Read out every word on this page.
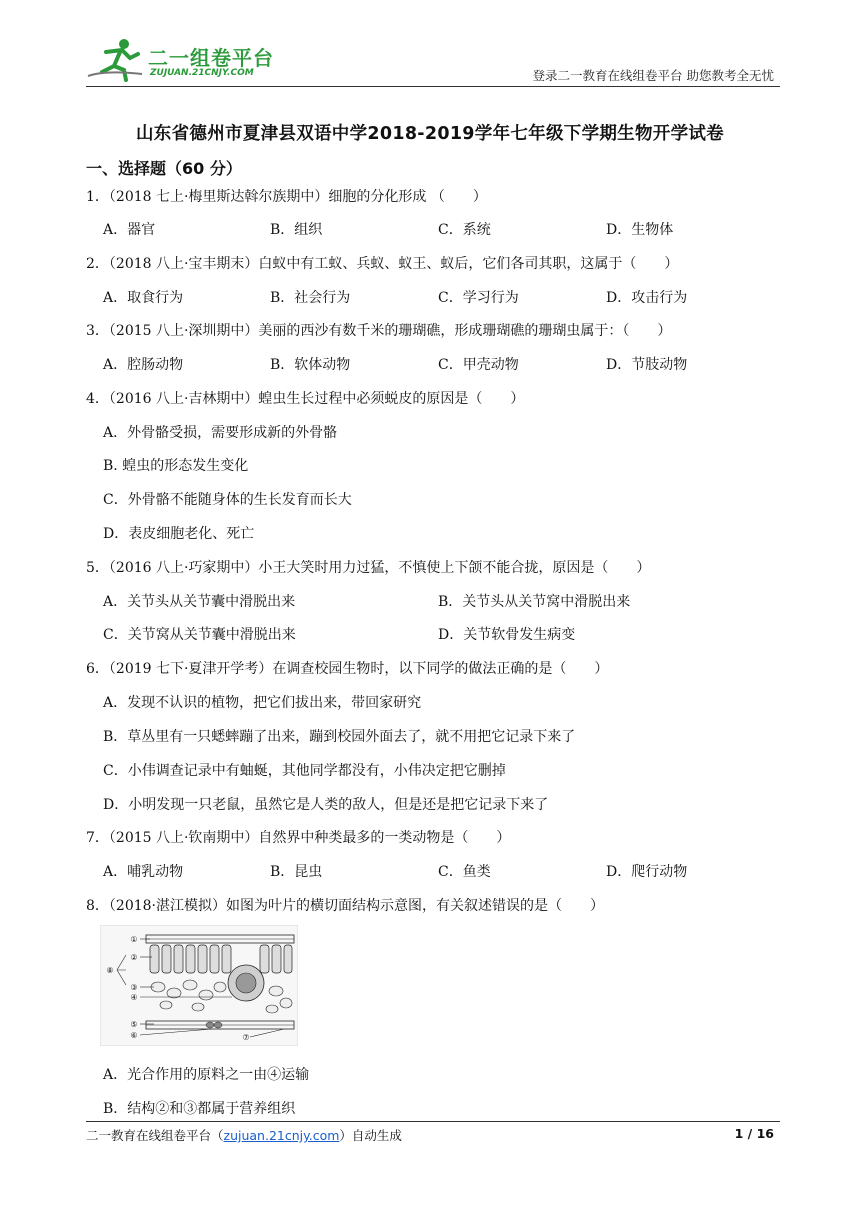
二一组卷平台
ZUJUAN.21CNJY.COM	登录二一教育在线组卷平台 助您教考全无忧
山东省德州市夏津县双语中学2018-2019学年七年级下学期生物开学试卷
一、选择题（60 分）
1．（2018 七上·梅里斯达斡尔族期中）细胞的分化形成 （　　）
A．器官	B．组织	C．系统	D．生物体
2．（2018 八上·宝丰期末）白蚁中有工蚁、兵蚁、蚁王、蚁后，它们各司其职，这属于（　　）
A．取食行为	B．社会行为	C．学习行为	D．攻击行为
3．（2015 八上·深圳期中）美丽的西沙有数千米的珊瑚礁，形成珊瑚礁的珊瑚虫属于：（　　）
A．腔肠动物	B．软体动物	C．甲壳动物	D．节肢动物
4．（2016 八上·吉林期中）蝗虫生长过程中必须蜕皮的原因是（　　）
A．外骨骼受损，需要形成新的外骨骼
B. 蝗虫的形态发生变化
C．外骨骼不能随身体的生长发育而长大
D．表皮细胞老化、死亡
5．（2016 八上·巧家期中）小王大笑时用力过猛，不慎使上下颌不能合拢，原因是（　　）
A．关节头从关节囊中滑脱出来	B．关节头从关节窝中滑脱出来
C．关节窝从关节囊中滑脱出来	D．关节软骨发生病变
6．（2019 七下·夏津开学考）在调查校园生物时，以下同学的做法正确的是（　　）
A．发现不认识的植物，把它们拔出来，带回家研究
B．草丛里有一只蟋蟀蹦了出来，蹦到校园外面去了，就不用把它记录下来了
C．小伟调查记录中有蚰蜒，其他同学都没有，小伟决定把它删掉
D．小明发现一只老鼠，虽然它是人类的敌人，但是还是把它记录下来了
7．（2015 八上·钦南期中）自然界中种类最多的一类动物是（　　）
A．哺乳动物	B．昆虫	C．鱼类	D．爬行动物
8．（2018·湛江模拟）如图为叶片的横切面结构示意图，有关叙述错误的是（　　）
①
②
③
④
⑤
⑥	⑦
⑧
A．光合作用的原料之一由④运输
B．结构②和③都属于营养组织
二一教育在线组卷平台（zujuan.21cnjy.com）自动生成	1 / 16
